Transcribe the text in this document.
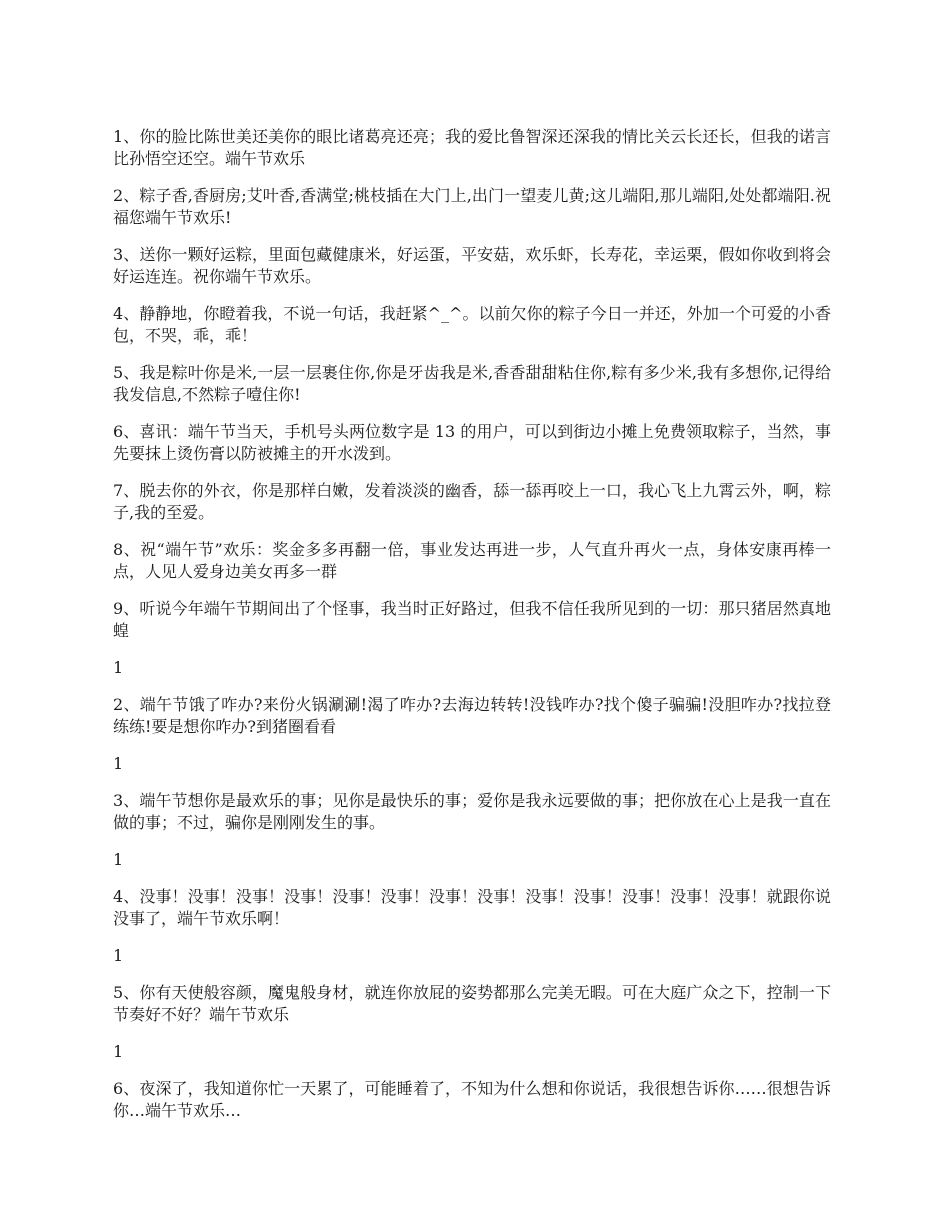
1、你的脸比陈世美还美你的眼比诸葛亮还亮；我的爱比鲁智深还深我的情比关云长还长，但我的诺言比孙悟空还空。端午节欢乐

2、粽子香,香厨房;艾叶香,香满堂;桃枝插在大门上,出门一望麦儿黄;这儿端阳,那儿端阳,处处都端阳.祝福您端午节欢乐!

3、送你一颗好运粽，里面包藏健康米，好运蛋，平安菇，欢乐虾，长寿花，幸运栗，假如你收到将会好运连连。祝你端午节欢乐。

4、静静地，你瞪着我，不说一句话，我赶紧^_^。以前欠你的粽子今日一并还，外加一个可爱的小香包，不哭，乖，乖！

5、我是粽叶你是米,一层一层裹住你,你是牙齿我是米,香香甜甜粘住你,粽有多少米,我有多想你,记得给我发信息,不然粽子噎住你!

6、喜讯：端午节当天，手机号头两位数字是 13 的用户，可以到街边小摊上免费领取粽子，当然，事先要抹上烫伤膏以防被摊主的开水泼到。

7、脱去你的外衣，你是那样白嫩，发着淡淡的幽香，舔一舔再咬上一口，我心飞上九霄云外，啊，粽子,我的至爱。

8、祝“端午节”欢乐：奖金多多再翻一倍，事业发达再进一步，人气直升再火一点，身体安康再棒一点，人见人爱身边美女再多一群

9、听说今年端午节期间出了个怪事，我当时正好路过，但我不信任我所见到的一切：那只猪居然真地蝗

1

2、端午节饿了咋办?来份火锅涮涮!渴了咋办?去海边转转!没钱咋办?找个傻子骗骗!没胆咋办?找拉登练练!要是想你咋办?到猪圈看看

1

3、端午节想你是最欢乐的事；见你是最快乐的事；爱你是我永远要做的事；把你放在心上是我一直在做的事；不过，骗你是刚刚发生的事。

1

4、没事！没事！没事！没事！没事！没事！没事！没事！没事！没事！没事！没事！没事！就跟你说没事了，端午节欢乐啊！

1

5、你有天使般容颜，魔鬼般身材，就连你放屁的姿势都那么完美无暇。可在大庭广众之下，控制一下节奏好不好？端午节欢乐

1

6、夜深了，我知道你忙一天累了，可能睡着了，不知为什么想和你说话，我很想告诉你……很想告诉你…端午节欢乐…
